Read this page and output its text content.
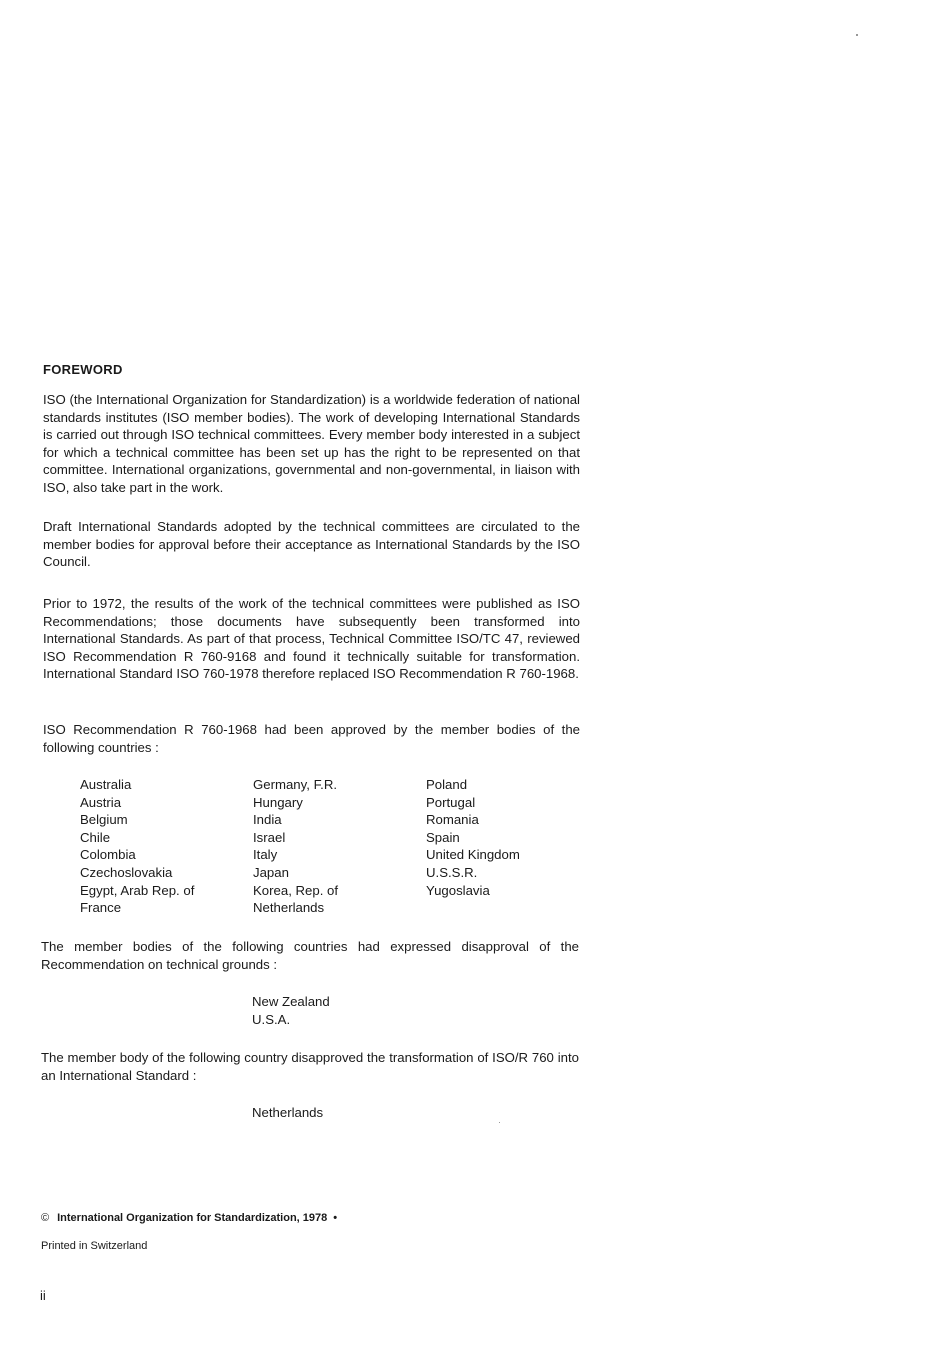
FOREWORD

ISO (the International Organization for Standardization) is a worldwide federation of national standards institutes (ISO member bodies). The work of developing International Standards is carried out through ISO technical committees. Every member body interested in a subject for which a technical committee has been set up has the right to be represented on that committee. International organizations, governmental and non-governmental, in liaison with ISO, also take part in the work.

Draft International Standards adopted by the technical committees are circulated to the member bodies for approval before their acceptance as International Standards by the ISO Council.

Prior to 1972, the results of the work of the technical committees were published as ISO Recommendations; those documents have subsequently been transformed into International Standards. As part of that process, Technical Committee ISO/TC 47, reviewed ISO Recommendation R 760-9168 and found it technically suitable for transformation. International Standard ISO 760-1978 therefore replaced ISO Recommendation R 760-1968.

ISO Recommendation R 760-1968 had been approved by the member bodies of the following countries :

Australia
Austria
Belgium
Chile
Colombia
Czechoslovakia
Egypt, Arab Rep. of
France
Germany, F.R.
Hungary
India
Israel
Italy
Japan
Korea, Rep. of
Netherlands
Poland
Portugal
Romania
Spain
United Kingdom
U.S.S.R.
Yugoslavia

The member bodies of the following countries had expressed disapproval of the Recommendation on technical grounds :

New Zealand
U.S.A.

The member body of the following country disapproved the transformation of ISO/R 760 into an International Standard :

Netherlands

© International Organization for Standardization, 1978 •

Printed in Switzerland

ii
